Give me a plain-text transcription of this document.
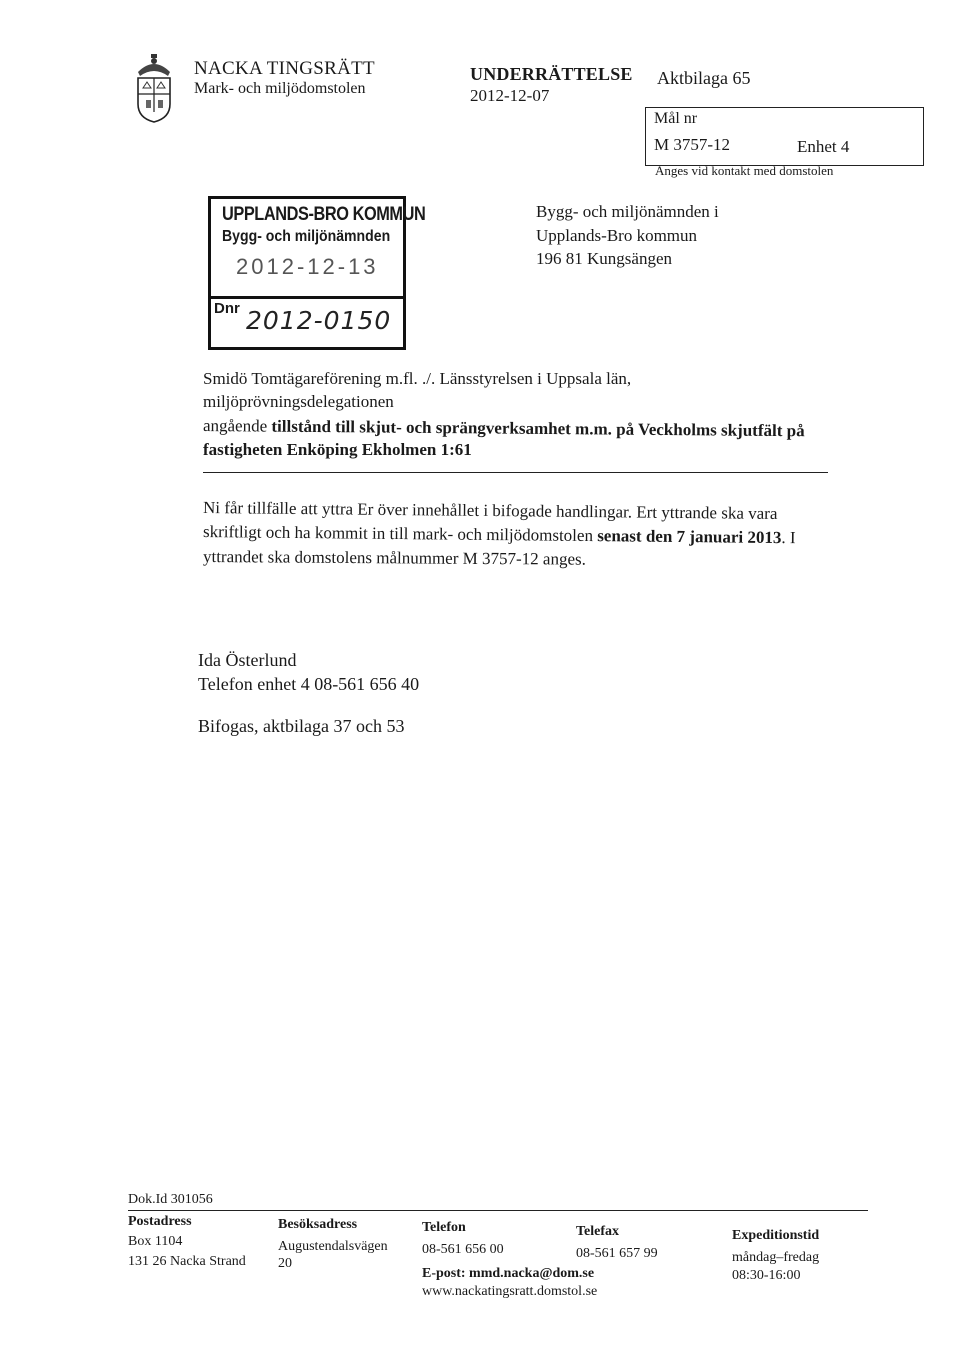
NACKA TINGSRÄTT
Mark- och miljödomstolen
UNDERRÄTTELSE
2012-12-07
Aktbilaga 65
Mål nr
M 3757-12	Enhet 4
Anges vid kontakt med domstolen
UPPLANDS-BRO KOMMUN
Bygg- och miljönämnden
2012-12-13
Dnr 2012-0150
Bygg- och miljönämnden i
Upplands-Bro kommun
196 81 Kungsängen
Smidö Tomtägareförening m.fl. ./. Länsstyrelsen i Uppsala län,
miljöprövningsdelegationen
angående tillstånd till skjut- och sprängverksamhet m.m. på Veckholms skjutfält på
fastigheten Enköping Ekholmen 1:61
Ni får tillfälle att yttra Er över innehållet i bifogade handlingar. Ert yttrande ska vara
skriftligt och ha kommit in till mark- och miljödomstolen senast den 7 januari 2013. I
yttrandet ska domstolens målnummer M 3757-12 anges.
Ida Österlund
Telefon enhet 4 08-561 656 40
Bifogas, aktbilaga 37 och 53
Dok.Id 301056
Postadress
Box 1104
131 26 Nacka Strand
Besöksadress
Augustendalsvägen
20
Telefon
08-561 656 00
E-post: mmd.nacka@dom.se
www.nackatingsratt.domstol.se
Telefax
08-561 657 99
Expeditionstid
måndag–fredag
08:30-16:00
